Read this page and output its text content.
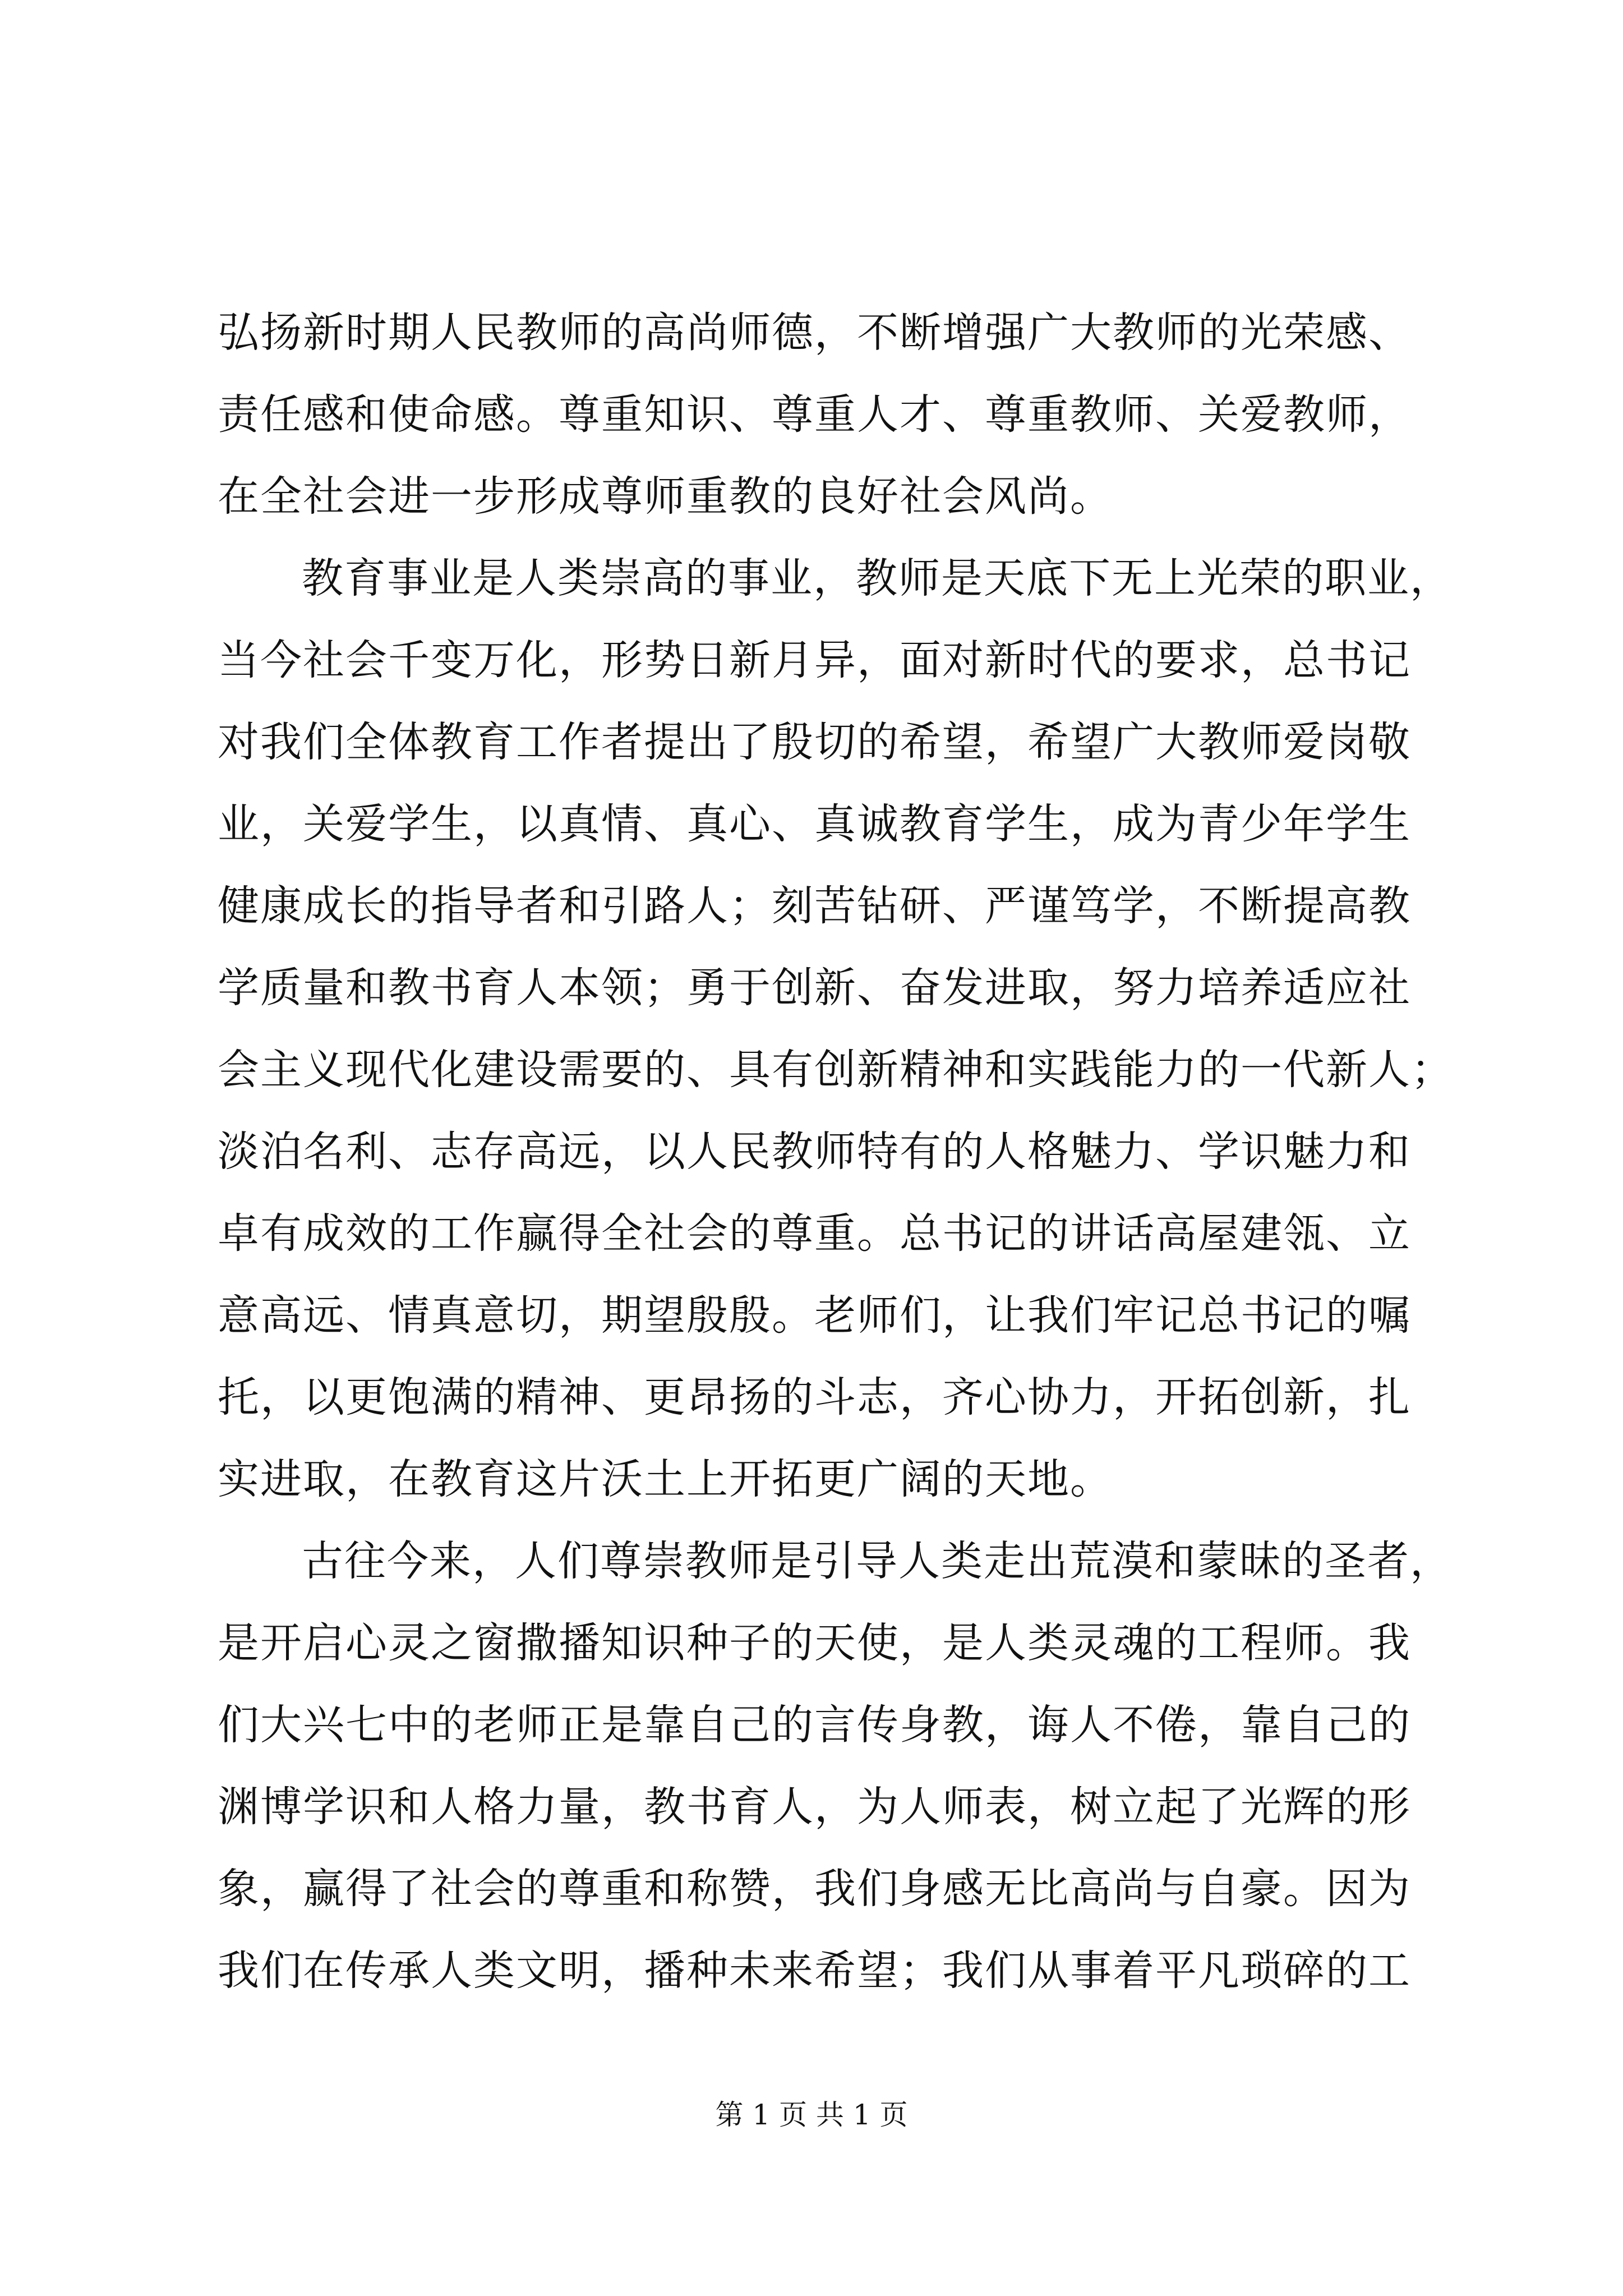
弘扬新时期人民教师的高尚师德，不断增强广大教师的光荣感、
责任感和使命感。尊重知识、尊重人才、尊重教师、关爱教师，
在全社会进一步形成尊师重教的良好社会风尚。
教育事业是人类崇高的事业，教师是天底下无上光荣的职业，
当今社会千变万化，形势日新月异，面对新时代的要求，总书记
对我们全体教育工作者提出了殷切的希望，希望广大教师爱岗敬
业，关爱学生，以真情、真心、真诚教育学生，成为青少年学生
健康成长的指导者和引路人；刻苦钻研、严谨笃学，不断提高教
学质量和教书育人本领；勇于创新、奋发进取，努力培养适应社
会主义现代化建设需要的、具有创新精神和实践能力的一代新人；
淡泊名利、志存高远，以人民教师特有的人格魅力、学识魅力和
卓有成效的工作赢得全社会的尊重。总书记的讲话高屋建瓴、立
意高远、情真意切，期望殷殷。老师们，让我们牢记总书记的嘱
托，以更饱满的精神、更昂扬的斗志，齐心协力，开拓创新，扎
实进取，在教育这片沃土上开拓更广阔的天地。
古往今来，人们尊崇教师是引导人类走出荒漠和蒙昧的圣者，
是开启心灵之窗撒播知识种子的天使，是人类灵魂的工程师。我
们大兴七中的老师正是靠自己的言传身教，诲人不倦，靠自己的
渊博学识和人格力量，教书育人，为人师表，树立起了光辉的形
象，赢得了社会的尊重和称赞，我们身感无比高尚与自豪。因为
我们在传承人类文明，播种未来希望；我们从事着平凡琐碎的工
第 1 页 共 1 页
